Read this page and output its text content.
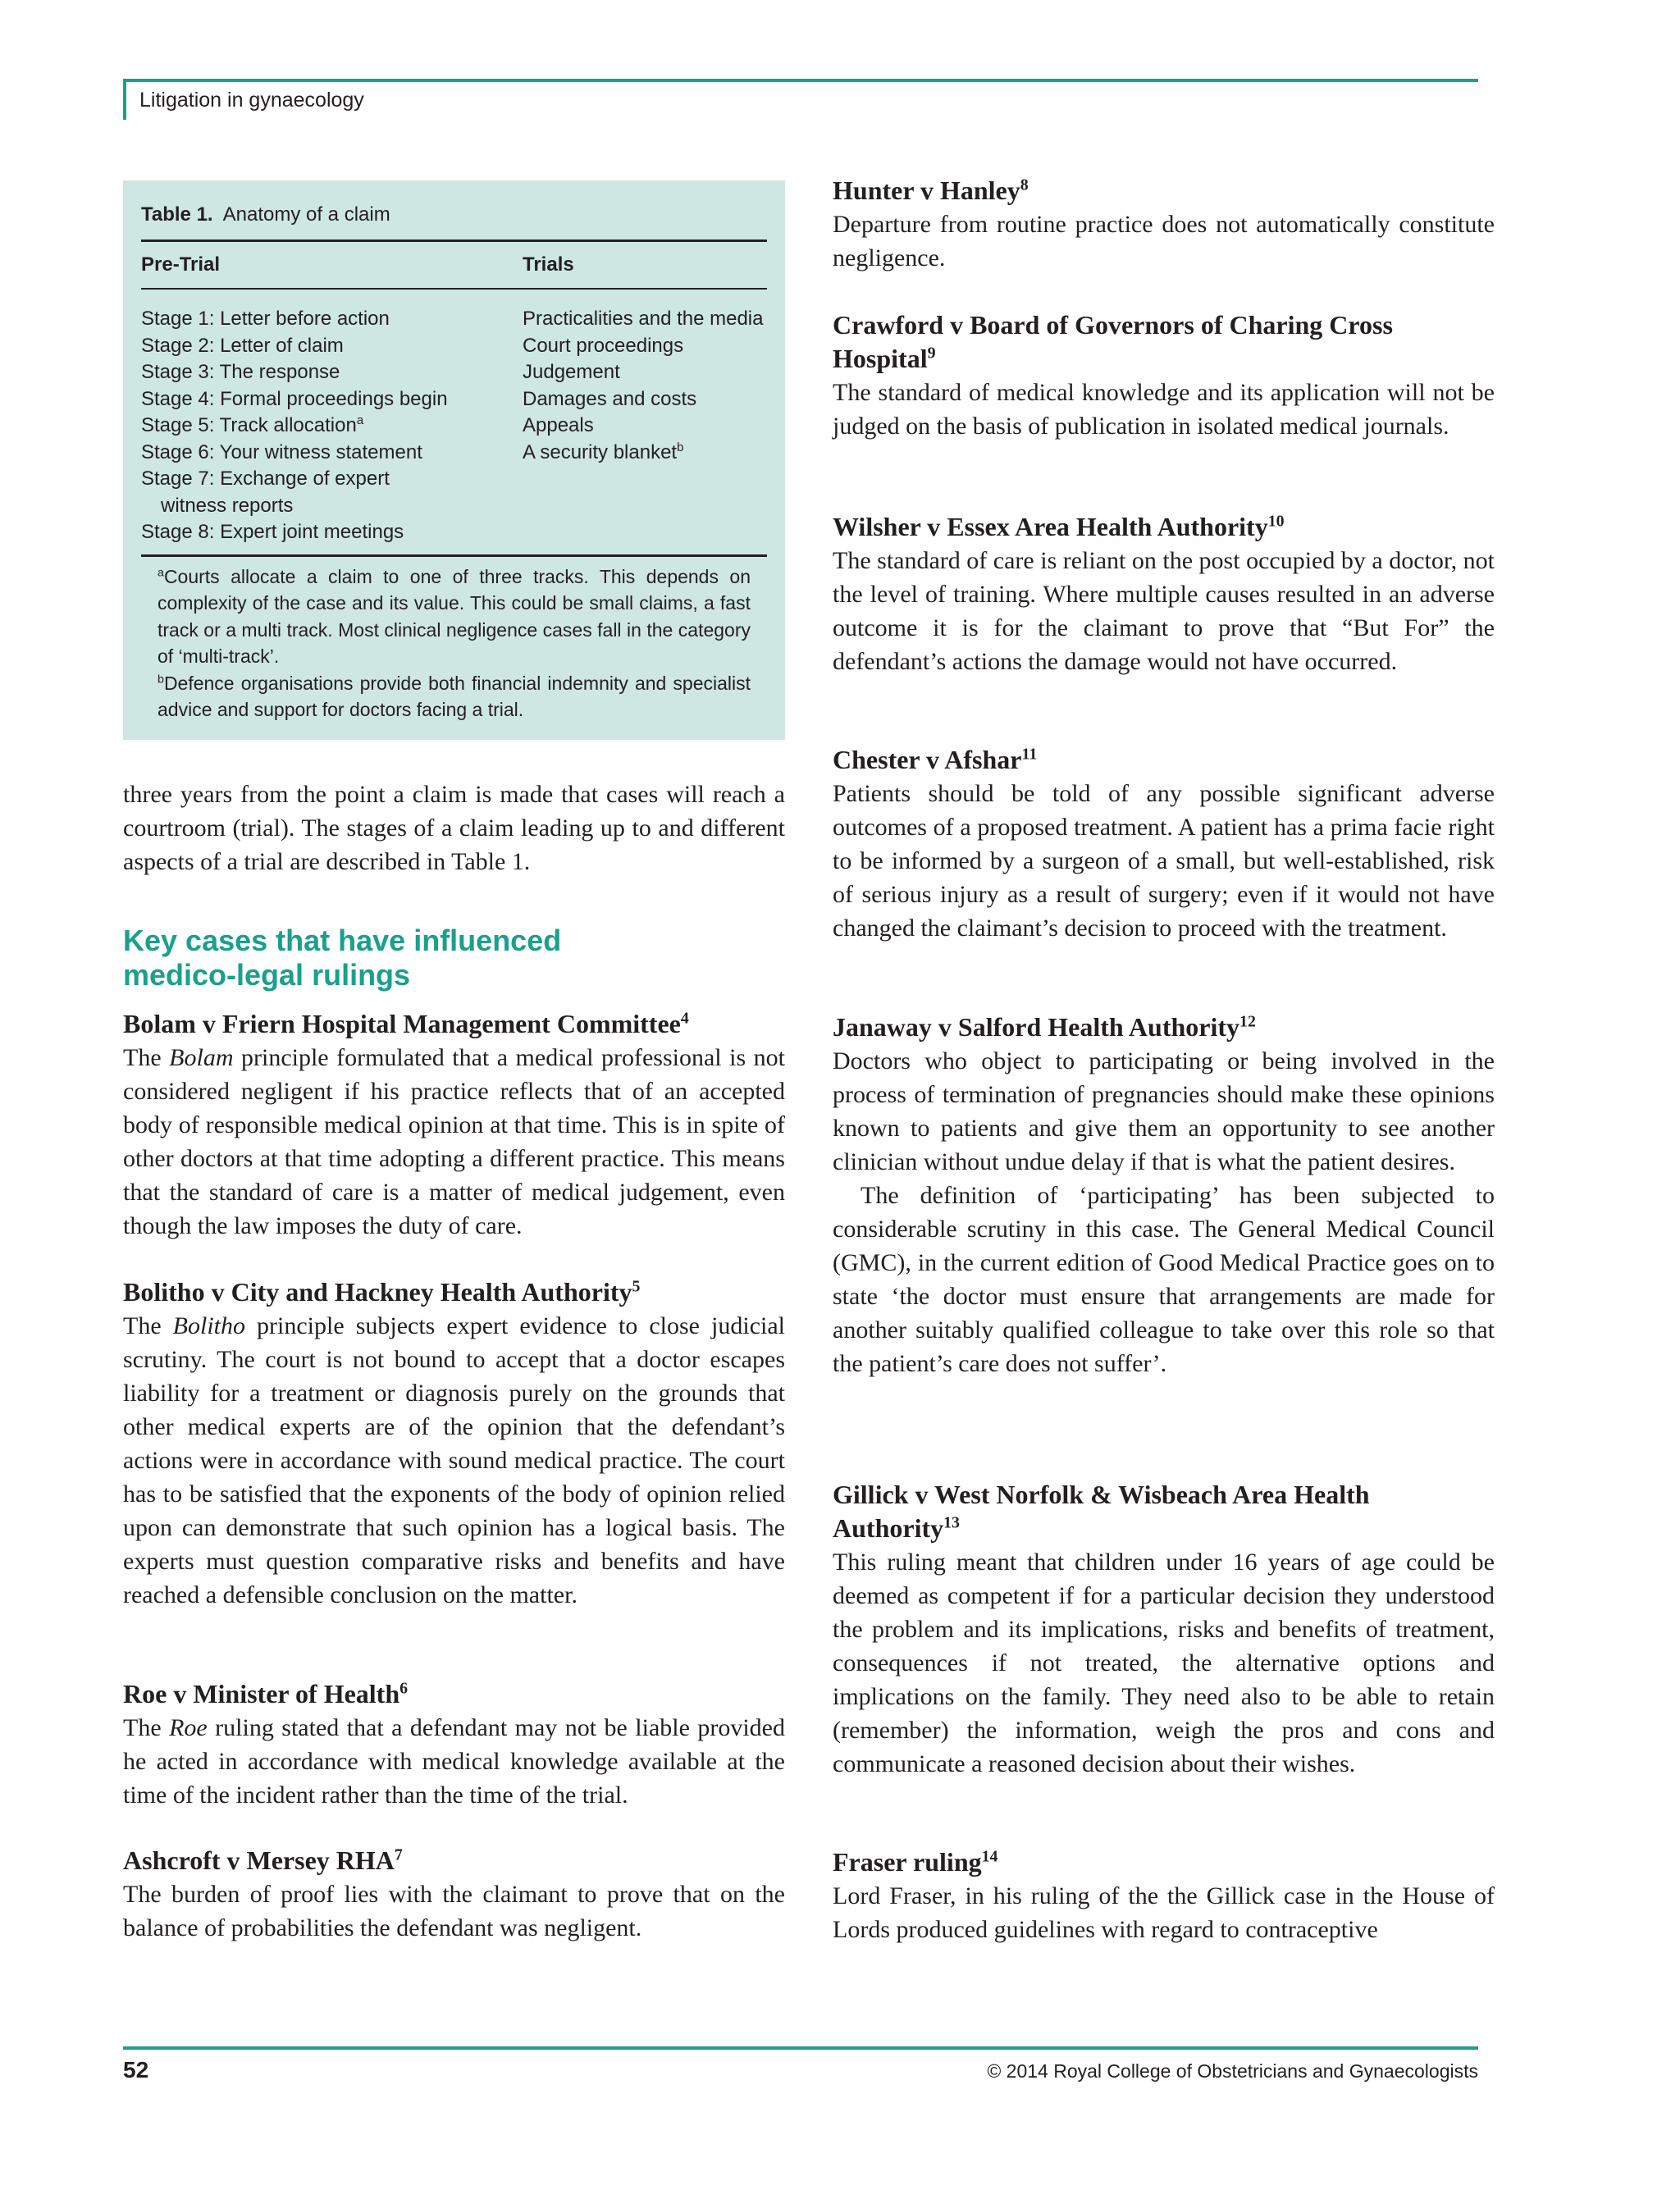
Litigation in gynaecology
Table 1. Anatomy of a claim
Pre-Trial	Trials
Stage 1: Letter before action
Stage 2: Letter of claim
Stage 3: The response
Stage 4: Formal proceedings begin
Stage 5: Track allocation$^a$
Stage 6: Your witness statement
Stage 7: Exchange of expert
witness reports
Stage 8: Expert joint meetings
Practicalities and the media
Court proceedings
Judgement
Damages and costs
Appeals
A security blanket$^b$
$^a$Courts allocate a claim to one of three tracks. This depends on complexity of the case and its value. This could be small claims, a fast track or a multi track. Most clinical negligence cases fall in the category of ‘multi-track’.
$^b$Defence organisations provide both financial indemnity and specialist advice and support for doctors facing a trial.

three years from the point a claim is made that cases will reach a courtroom (trial). The stages of a claim leading up to and different aspects of a trial are described in Table 1.

Key cases that have influenced
medico-legal rulings
Bolam v Friern Hospital Management Committee$^4$

The Bolam principle formulated that a medical professional is not considered negligent if his practice reflects that of an accepted body of responsible medical opinion at that time. This is in spite of other doctors at that time adopting a different practice. This means that the standard of care is a matter of medical judgement, even though the law imposes the duty of care.

Bolitho v City and Hackney Health Authority$^5$

The Bolitho principle subjects expert evidence to close judicial scrutiny. The court is not bound to accept that a doctor escapes liability for a treatment or diagnosis purely on the grounds that other medical experts are of the opinion that the defendant’s actions were in accordance with sound medical practice. The court has to be satisfied that the exponents of the body of opinion relied upon can demonstrate that such opinion has a logical basis. The experts must question comparative risks and benefits and have reached a defensible conclusion on the matter.

Roe v Minister of Health$^6$

The Roe ruling stated that a defendant may not be liable provided he acted in accordance with medical knowledge available at the time of the incident rather than the time of the trial.

Ashcroft v Mersey RHA$^7$

The burden of proof lies with the claimant to prove that on the balance of probabilities the defendant was negligent.

Hunter v Hanley$^8$

Departure from routine practice does not automatically constitute negligence.

Crawford v Board of Governors of Charing Cross
Hospital$^9$

The standard of medical knowledge and its application will not be judged on the basis of publication in isolated medical journals.

Wilsher v Essex Area Health Authority$^{10}$

The standard of care is reliant on the post occupied by a doctor, not the level of training. Where multiple causes resulted in an adverse outcome it is for the claimant to prove that “But For” the defendant’s actions the damage would not have occurred.

Chester v Afshar$^{11}$

Patients should be told of any possible significant adverse outcomes of a proposed treatment. A patient has a prima facie right to be informed by a surgeon of a small, but well-established, risk of serious injury as a result of surgery; even if it would not have changed the claimant’s decision to proceed with the treatment.

Janaway v Salford Health Authority$^{12}$

Doctors who object to participating or being involved in the process of termination of pregnancies should make these opinions known to patients and give them an opportunity to see another clinician without undue delay if that is what the patient desires.
The definition of ‘participating’ has been subjected to considerable scrutiny in this case. The General Medical Council (GMC), in the current edition of Good Medical Practice goes on to state ‘the doctor must ensure that arrangements are made for another suitably qualified colleague to take over this role so that the patient’s care does not suffer’.

Gillick v West Norfolk & Wisbeach Area Health
Authority$^{13}$

This ruling meant that children under 16 years of age could be deemed as competent if for a particular decision they understood the problem and its implications, risks and benefits of treatment, consequences if not treated, the alternative options and implications on the family. They need also to be able to retain (remember) the information, weigh the pros and cons and communicate a reasoned decision about their wishes.

Fraser ruling$^{14}$

Lord Fraser, in his ruling of the the Gillick case in the House of Lords produced guidelines with regard to contraceptive

52	© 2014 Royal College of Obstetricians and Gynaecologists
